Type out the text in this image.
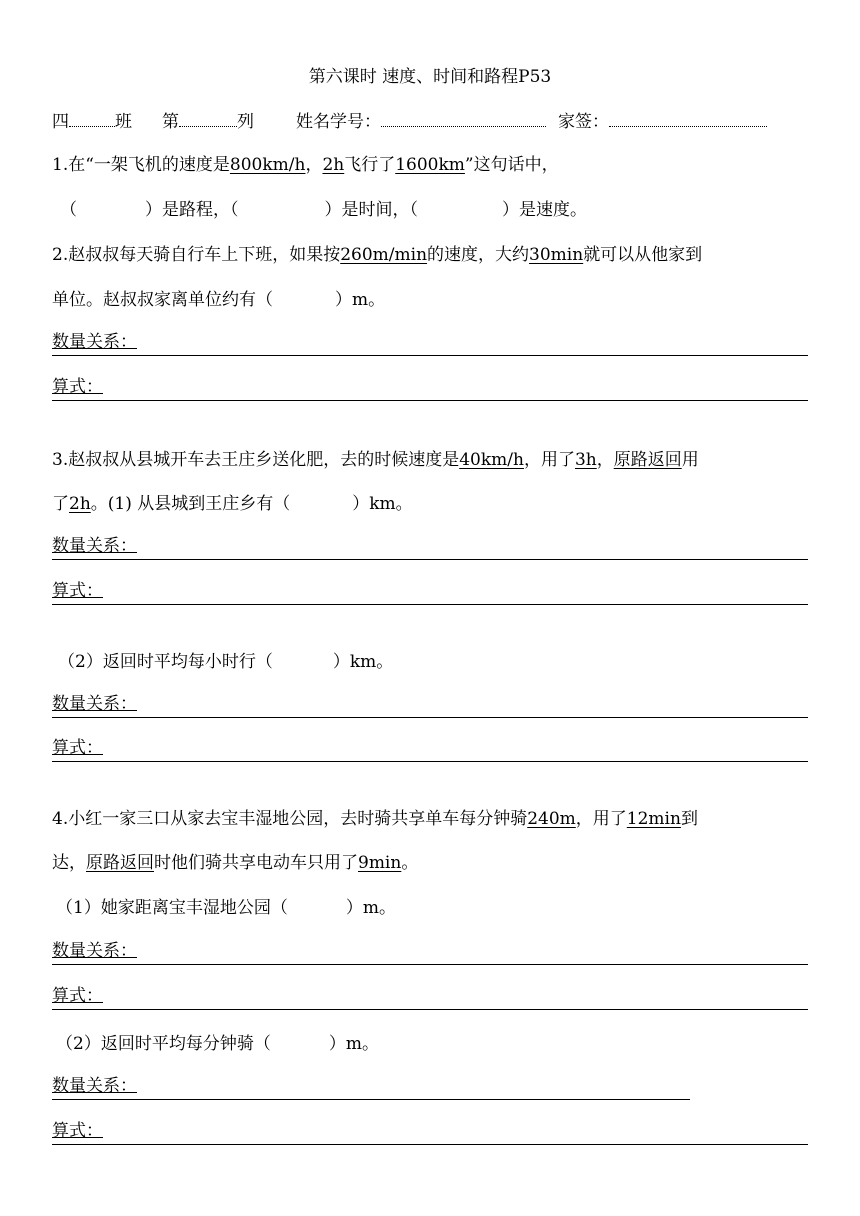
第六课时 速度、时间和路程P53
四	班 第	列 姓名学号：	家签：
1.在“一架飞机的速度是800km/h，2h飞行了1600km”这句话中，
（	）是路程，（	）是时间，（	）是速度。
2.赵叔叔每天骑自行车上下班，如果按260m/min的速度，大约30min就可以从他家到
单位。赵叔叔家离单位约有（	）m。
数量关系：
算式：
3.赵叔叔从县城开车去王庄乡送化肥，去的时候速度是40km/h，用了3h，原路返回用
了2h。(1) 从县城到王庄乡有（	）km。
数量关系：
算式：
（2）返回时平均每小时行（	）km。
数量关系：
算式：
4.小红一家三口从家去宝丰湿地公园，去时骑共享单车每分钟骑240m，用了12min到
达，原路返回时他们骑共享电动车只用了9min。
（1）她家距离宝丰湿地公园（	）m。
数量关系：
算式：
（2）返回时平均每分钟骑（	）m。
数量关系：
算式：
